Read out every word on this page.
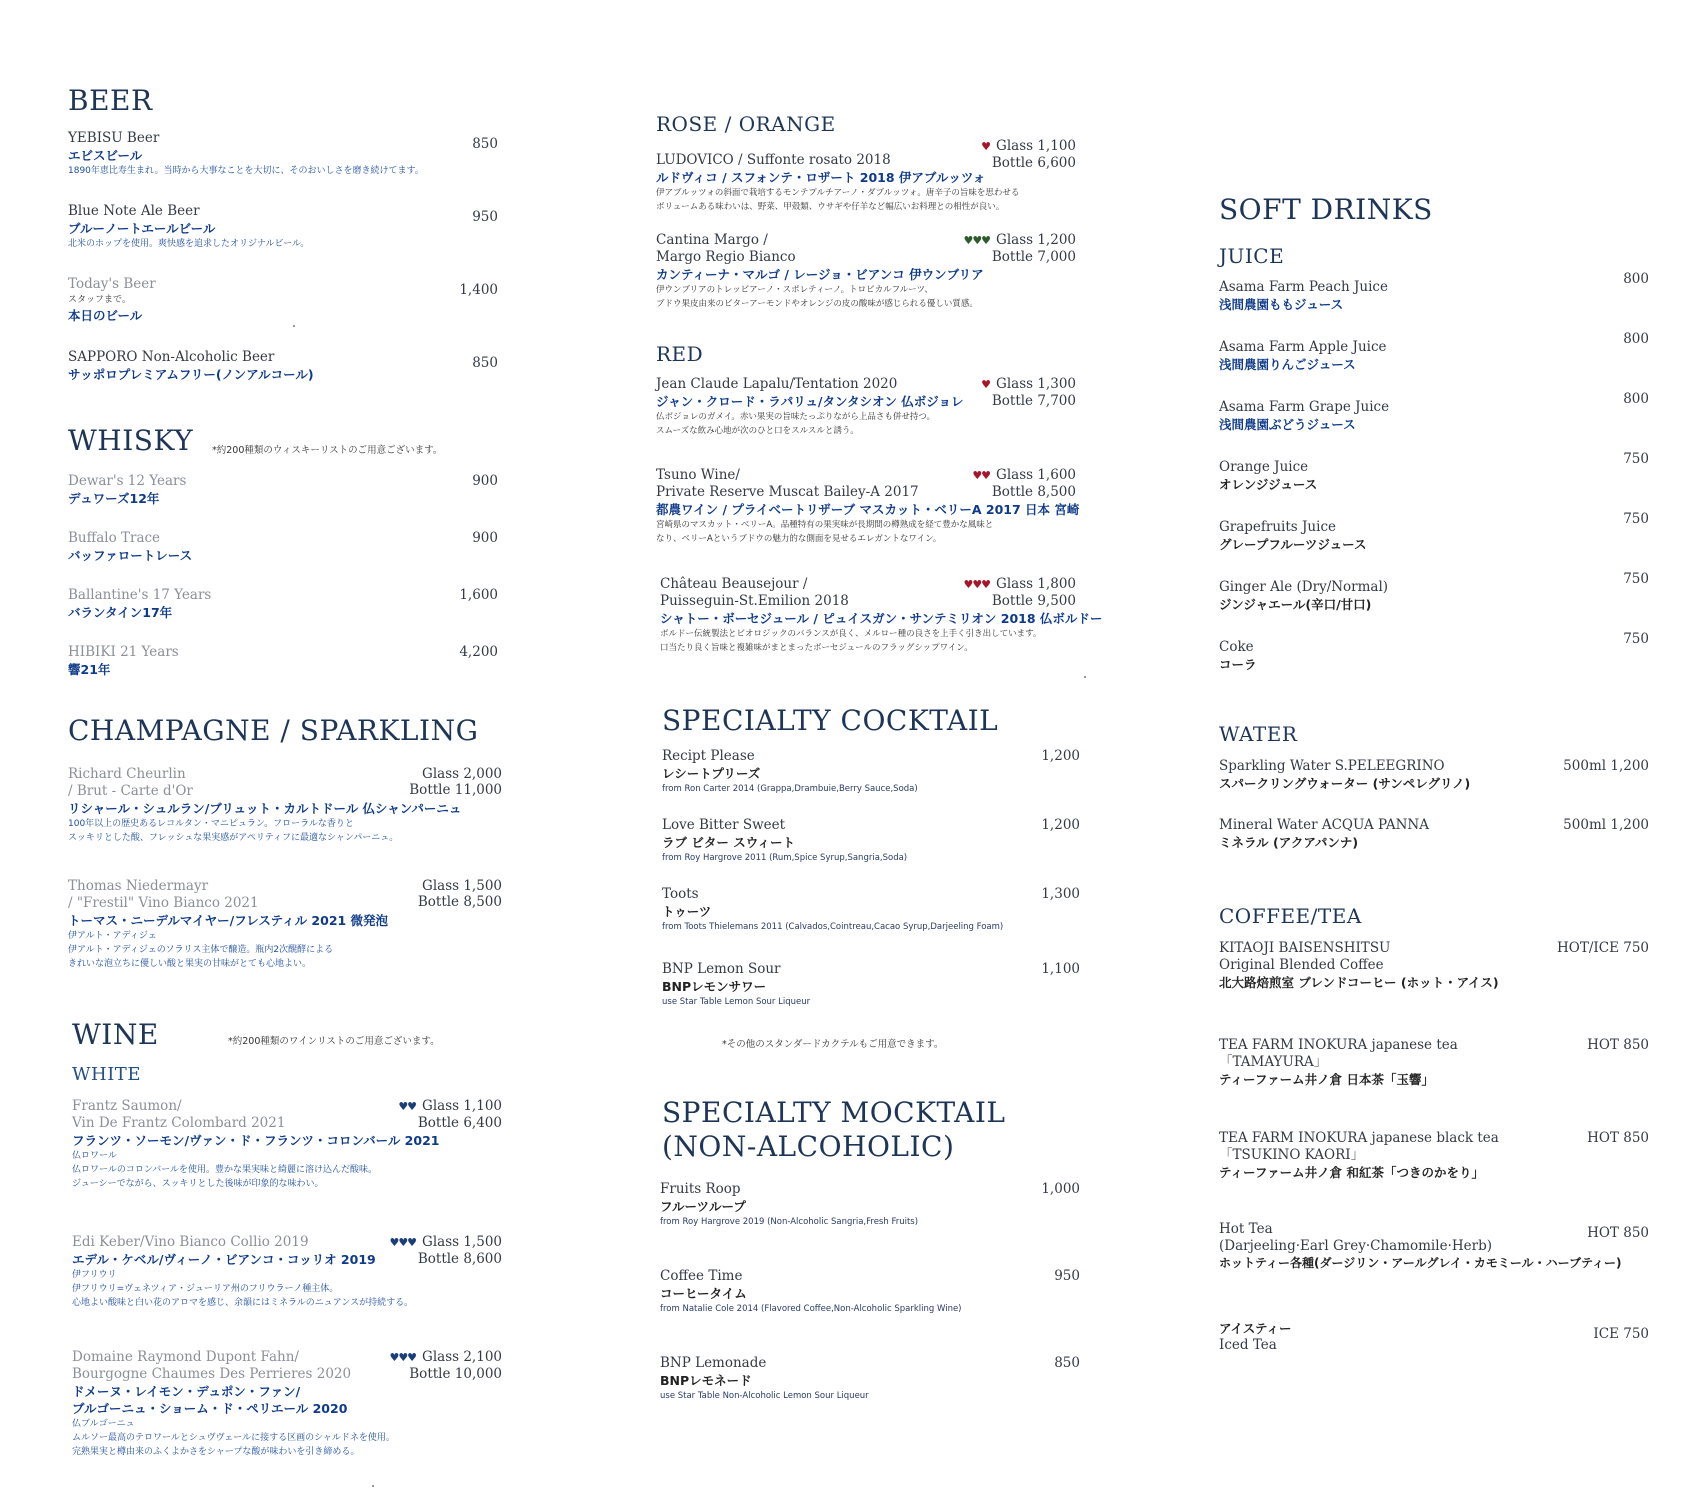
BEER
YEBISU Beer
エビスビール
1890年恵比寿生まれ。当時から大事なことを大切に、そのおいしさを磨き続けてます。
850
Blue Note Ale Beer
ブルーノートエールビール
北米のホップを使用。爽快感を追求したオリジナルビール。
950
Today's Beer
スタッフまで。
本日のビール
1,400
SAPPORO Non-Alcoholic Beer
サッポロプレミアムフリー(ノンアルコール)
850
WHISKY *約200種類のウィスキーリストのご用意ございます。
Dewar's 12 Years
デュワーズ12年
900
Buffalo Trace
バッファロートレース
900
Ballantine's 17 Years
バランタイン17年
1,600
HIBIKI 21 Years
響21年
4,200
CHAMPAGNE / SPARKLING
Richard Cheurlin
/ Brut - Carte d'Or
リシャール・シュルラン/ブリュット・カルトドール 仏シャンパーニュ
100年以上の歴史あるレコルタン・マニピュラン。フローラルな香りと
スッキリとした酸、フレッシュな果実感がアペリティフに最適なシャンパーニュ。
Glass 2,000
Bottle 11,000
Thomas Niedermayr
/ "Frestil" Vino Bianco 2021
トーマス・ニーデルマイヤー/フレスティル 2021 微発泡
伊アルト・アディジェ
伊アルト・アディジェのソラリス主体で醸造。瓶内2次醗酵による
きれいな泡立ちに優しい酸と果実の甘味がとても心地よい。
Glass 1,500
Bottle 8,500
WINE	*約200種類のワインリストのご用意ございます。
WHITE
Frantz Saumon/
Vin De Frantz Colombard 2021
フランツ・ソーモン/ヴァン・ド・フランツ・コロンバール 2021
仏ロワール
仏ロワールのコロンバールを使用。豊かな果実味と綺麗に溶け込んだ酸味。
ジューシーでながら、スッキリとした後味が印象的な味わい。
♥♥ Glass 1,100
Bottle 6,400
Edi Keber/Vino Bianco Collio 2019
エデル・ケベル/ヴィーノ・ビアンコ・コッリオ 2019
伊フリウリ
伊フリウリ=ヴェネツィア・ジューリア州のフリウラーノ種主体。
心地よい酸味と白い花のアロマを感じ、余韻にはミネラルのニュアンスが持続する。
♥♥♥ Glass 1,500
Bottle 8,600
Domaine Raymond Dupont Fahn/
Bourgogne Chaumes Des Perrieres 2020
ドメーヌ・レイモン・デュポン・ファン/
ブルゴーニュ・ショーム・ド・ペリエール 2020
仏ブルゴーニュ
ムルソー最高のテロワールとシュヴヴェールに接する区画のシャルドネを使用。
完熟果実と樽由来のふくよかさをシャープな酸が味わいを引き締める。
♥♥♥ Glass 2,100
Bottle 10,000
ROSE / ORANGE
LUDOVICO / Suffonte rosato 2018
ルドヴィコ / スフォンテ・ロザート 2018 伊アブルッツォ
伊アブルッツォの斜面で栽培するモンテプルチアーノ・ダブルッツォ。唐辛子の旨味を思わせる
ボリュームある味わいは、野菜、甲殻類、ウサギや仔羊など幅広いお料理との相性が良い。
♥ Glass 1,100
Bottle 6,600
Cantina Margo /
Margo Regio Bianco
カンティーナ・マルゴ / レージョ・ビアンコ 伊ウンブリア
伊ウンブリアのトレッビアーノ・スポレティーノ。トロピカルフルーツ、
ブドウ果皮由来のビターアーモンドやオレンジの皮の酸味が感じられる優しい質感。
♥♥♥ Glass 1,200
Bottle 7,000
RED
Jean Claude Lapalu/Tentation 2020
ジャン・クロード・ラパリュ/タンタシオン 仏ボジョレ
仏ボジョレのガメイ。赤い果実の旨味たっぷりながら上品さも併せ持つ。
スムーズな飲み心地が次のひと口をスルスルと誘う。
♥ Glass 1,300
Bottle 7,700
Tsuno Wine/
Private Reserve Muscat Bailey-A 2017
都農ワイン / プライベートリザーブ マスカット・ベリーA 2017 日本 宮崎
宮崎県のマスカット・ベリーA。品種特有の果実味が長期間の樽熟成を経て豊かな風味と
なり、ベリーAというブドウの魅力的な側面を見せるエレガントなワイン。
♥♥ Glass 1,600
Bottle 8,500
Château Beausejour /
Puisseguin-St.Emilion 2018
シャトー・ボーセジュール / ピュイスガン・サンテミリオン 2018 仏ボルドー
ボルドー伝統製法とビオロジックのバランスが良く、メルロー種の良さを上手く引き出しています。
口当たり良く旨味と複雑味がまとまったボーセジュールのフラッグシップワイン。
♥♥♥ Glass 1,800
Bottle 9,500
SPECIALTY COCKTAIL
Recipt Please
レシートプリーズ
from Ron Carter 2014 (Grappa,Drambuie,Berry Sauce,Soda)
1,200
Love Bitter Sweet
ラブ ビター スウィート
from Roy Hargrove 2011 (Rum,Spice Syrup,Sangria,Soda)
1,200
Toots
トゥーツ
from Toots Thielemans 2011 (Calvados,Cointreau,Cacao Syrup,Darjeeling Foam)
1,300
BNP Lemon Sour
BNPレモンサワー
use Star Table Lemon Sour Liqueur
1,100
*その他のスタンダードカクテルもご用意できます。
SPECIALTY MOCKTAIL
(NON-ALCOHOLIC)
Fruits Roop
フルーツループ
from Roy Hargrove 2019 (Non-Alcoholic Sangria,Fresh Fruits)
1,000
Coffee Time
コーヒータイム
from Natalie Cole 2014 (Flavored Coffee,Non-Alcoholic Sparkling Wine)
950
BNP Lemonade
BNPレモネード
use Star Table Non-Alcoholic Lemon Sour Liqueur
850
SOFT DRINKS
JUICE
Asama Farm Peach Juice
浅間農園ももジュース
800
Asama Farm Apple Juice
浅間農園りんごジュース
800
Asama Farm Grape Juice
浅間農園ぶどうジュース
800
Orange Juice
オレンジジュース
750
Grapefruits Juice
グレープフルーツジュース
750
Ginger Ale (Dry/Normal)
ジンジャエール(辛口/甘口)
750
Coke
コーラ
750
WATER
Sparkling Water S.PELEEGRINO
スパークリングウォーター (サンペレグリノ)
500ml 1,200
Mineral Water ACQUA PANNA
ミネラル (アクアパンナ)
500ml 1,200
COFFEE/TEA
KITAOJI BAISENSHITSU
Original Blended Coffee
北大路焙煎室 ブレンドコーヒー (ホット・アイス)
HOT/ICE 750
TEA FARM INOKURA japanese tea
「TAMAYURA」
ティーファーム井ノ倉 日本茶「玉響」
HOT 850
TEA FARM INOKURA japanese black tea
「TSUKINO KAORI」
ティーファーム井ノ倉 和紅茶「つきのかをり」
HOT 850
Hot Tea
(Darjeeling·Earl Grey·Chamomile·Herb)
ホットティー各種(ダージリン・アールグレイ・カモミール・ハーブティー)
HOT 850
アイスティー
Iced Tea
ICE 750
